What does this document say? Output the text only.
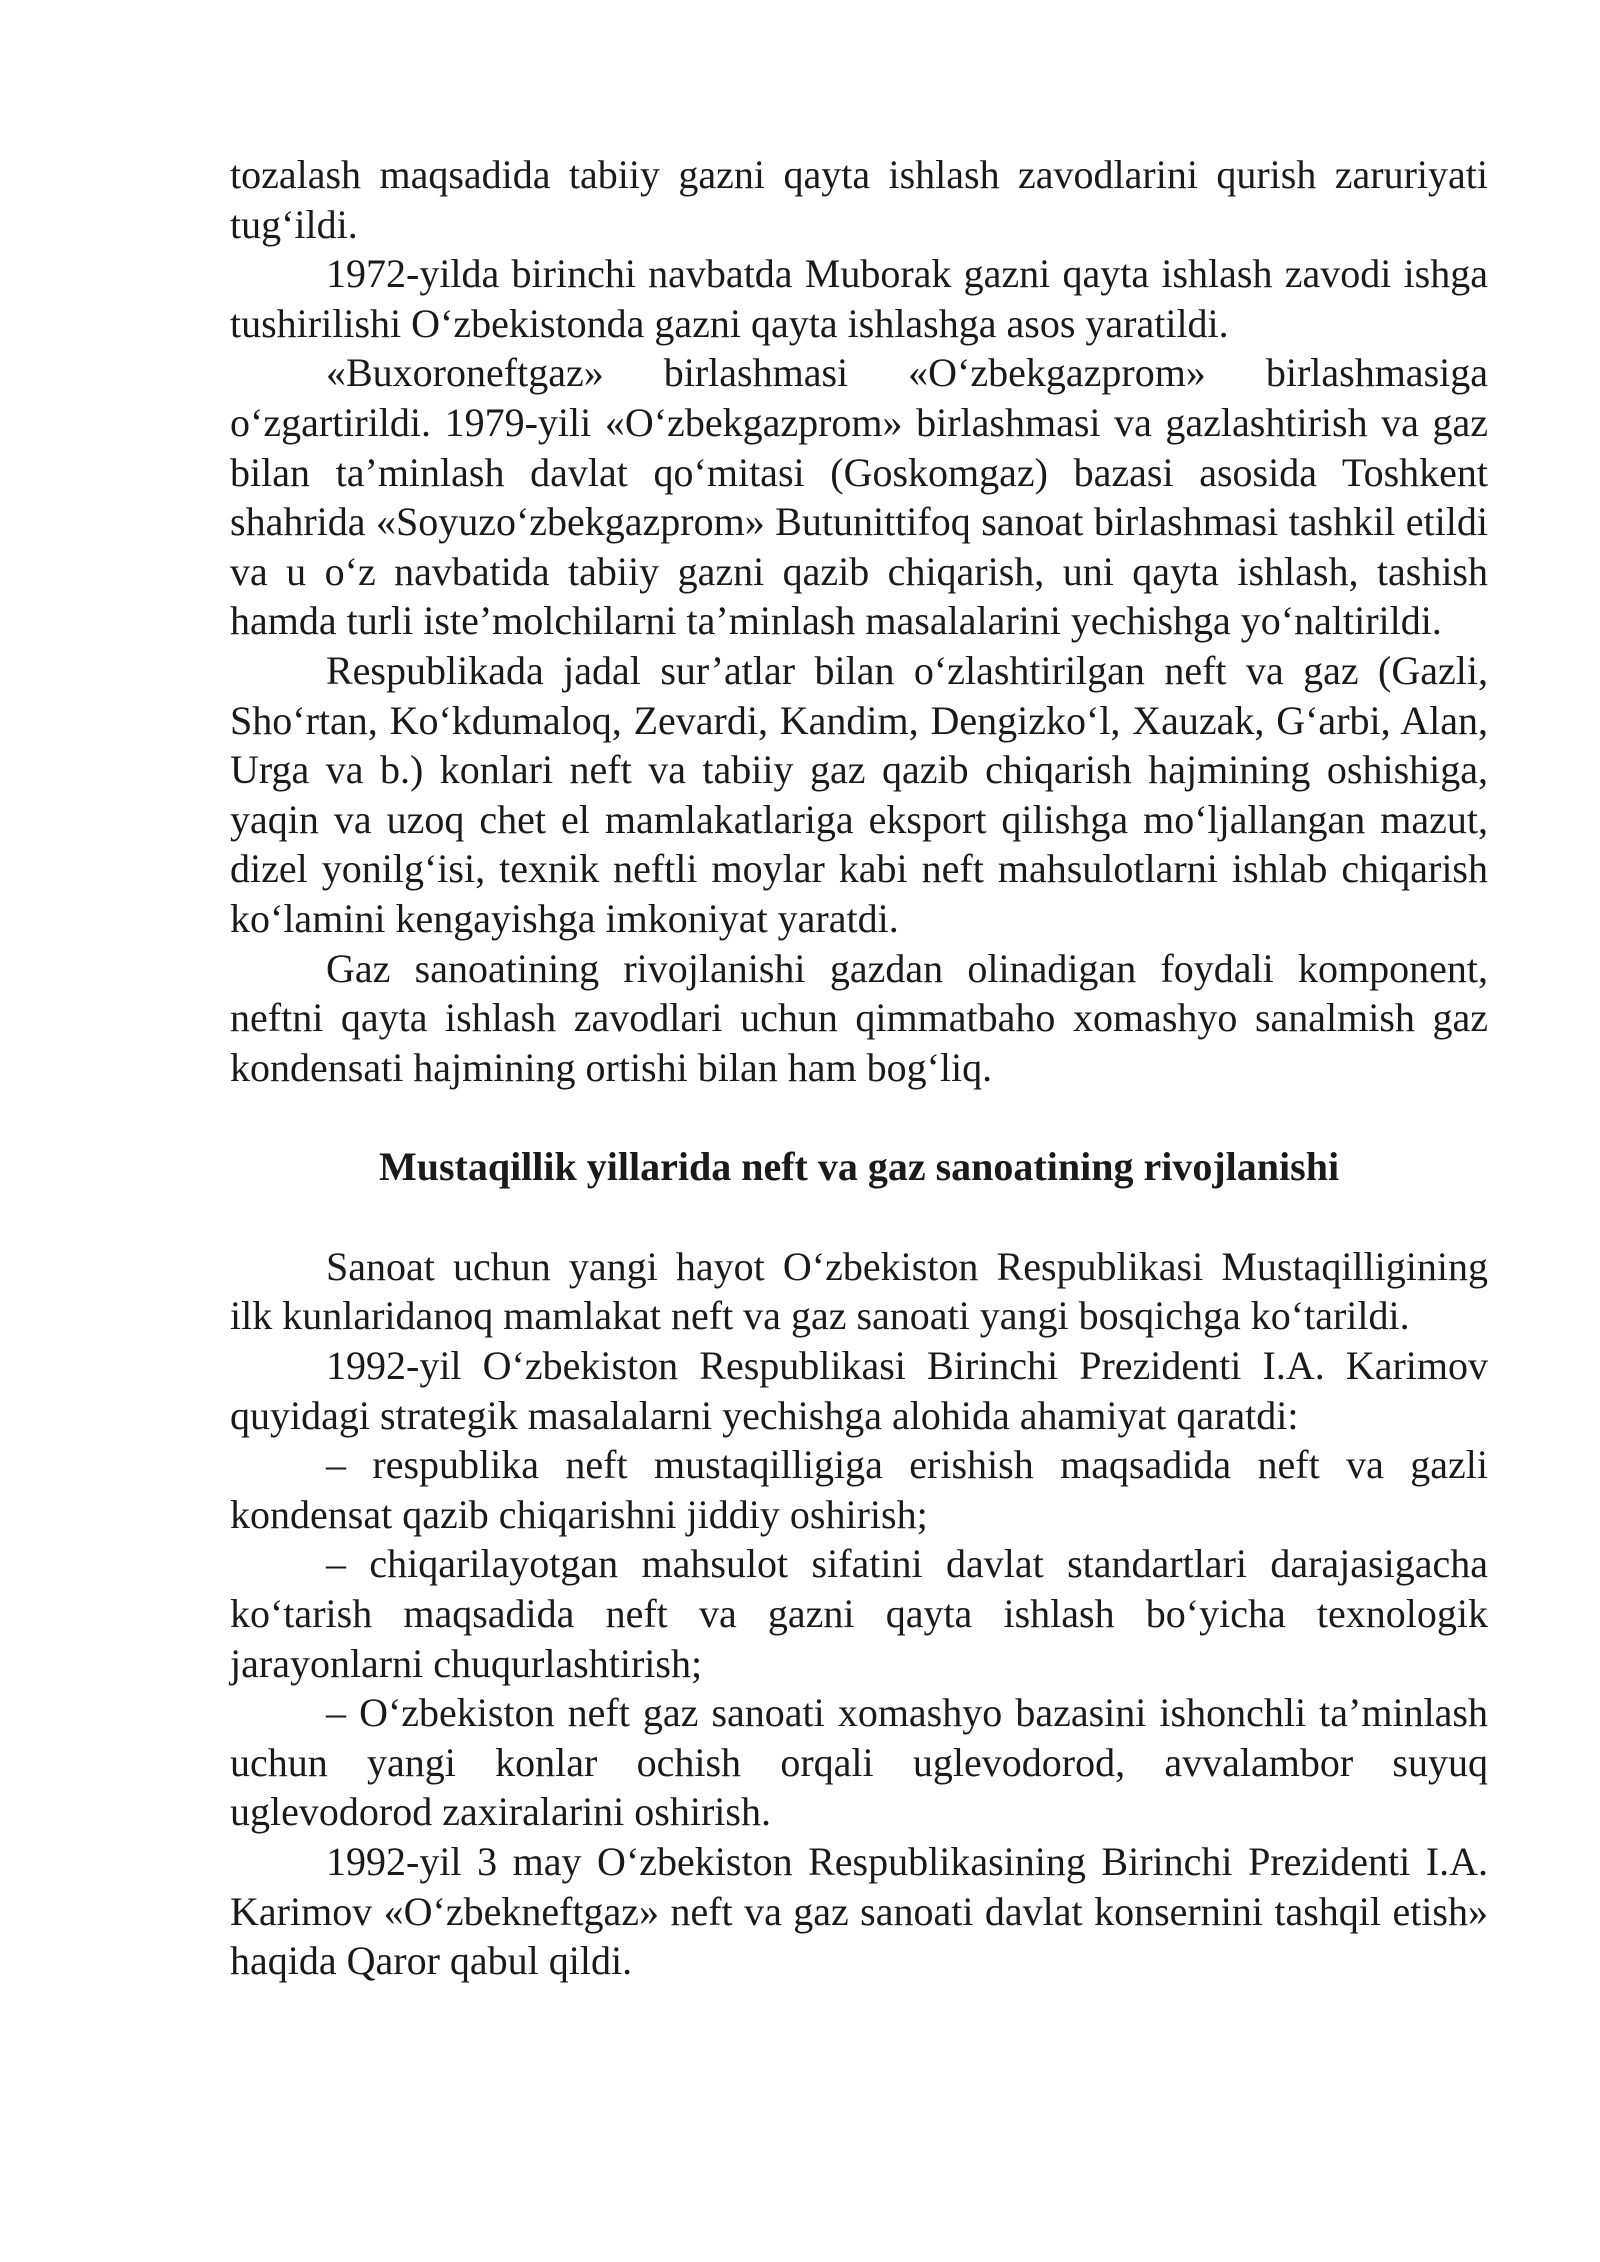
tozalash maqsadida tabiiy gazni qayta ishlash zavodlarini qurish zaruriyati tug‘ildi.

1972-yilda birinchi navbatda Muborak gazni qayta ishlash zavodi ishga tushirilishi O‘zbekistonda gazni qayta ishlashga asos yaratildi.

«Buxoroneftgaz» birlashmasi «O‘zbekgazprom» birlashmasiga o‘zgartirildi. 1979-yili «O‘zbekgazprom» birlashmasi va gazlashtirish va gaz bilan ta’minlash davlat qo‘mitasi (Goskomgaz) bazasi asosida Toshkent shahrida «Soyuzo‘zbekgazprom» Butunittifoq sanoat birlashmasi tashkil etildi va u o‘z navbatida tabiiy gazni qazib chiqarish, uni qayta ishlash, tashish hamda turli iste’molchilarni ta’minlash masalalarini yechishga yo‘naltirildi.

Respublikada jadal sur’atlar bilan o‘zlashtirilgan neft va gaz (Gazli, Sho‘rtan, Ko‘kdumaloq, Zevardi, Kandim, Dengizko‘l, Xauzak, G‘arbi, Alan, Urga va b.) konlari neft va tabiiy gaz qazib chiqarish hajmining oshishiga, yaqin va uzoq chet el mamlakatlariga eksport qilishga mo‘ljallangan mazut, dizel yonilg‘isi, texnik neftli moylar kabi neft mahsulotlarni ishlab chiqarish ko‘lamini kengayishga imkoniyat yaratdi.

Gaz sanoatining rivojlanishi gazdan olinadigan foydali komponent, neftni qayta ishlash zavodlari uchun qimmatbaho xomashyo sanalmish gaz kondensati hajmining ortishi bilan ham bog‘liq.

Mustaqillik yillarida neft va gaz sanoatining rivojlanishi

Sanoat uchun yangi hayot O‘zbekiston Respublikasi Mustaqilligining ilk kunlaridanoq mamlakat neft va gaz sanoati yangi bosqichga ko‘tarildi.

1992-yil O‘zbekiston Respublikasi Birinchi Prezidenti I.A. Karimov quyidagi strategik masalalarni yechishga alohida ahamiyat qaratdi:

– respublika neft mustaqilligiga erishish maqsadida neft va gazli kondensat qazib chiqarishni jiddiy oshirish;

– chiqarilayotgan mahsulot sifatini davlat standartlari darajasigacha ko‘tarish maqsadida neft va gazni qayta ishlash bo‘yicha texnologik jarayonlarni chuqurlashtirish;

– O‘zbekiston neft gaz sanoati xomashyo bazasini ishonchli ta’minlash uchun yangi konlar ochish orqali uglevodorod, avvalambor suyuq uglevodorod zaxiralarini oshirish.

1992-yil 3 may O‘zbekiston Respublikasining Birinchi Prezidenti I.A. Karimov «O‘zbekneftgaz» neft va gaz sanoati davlat konsernini tashqil etish» haqida Qaror qabul qildi.
